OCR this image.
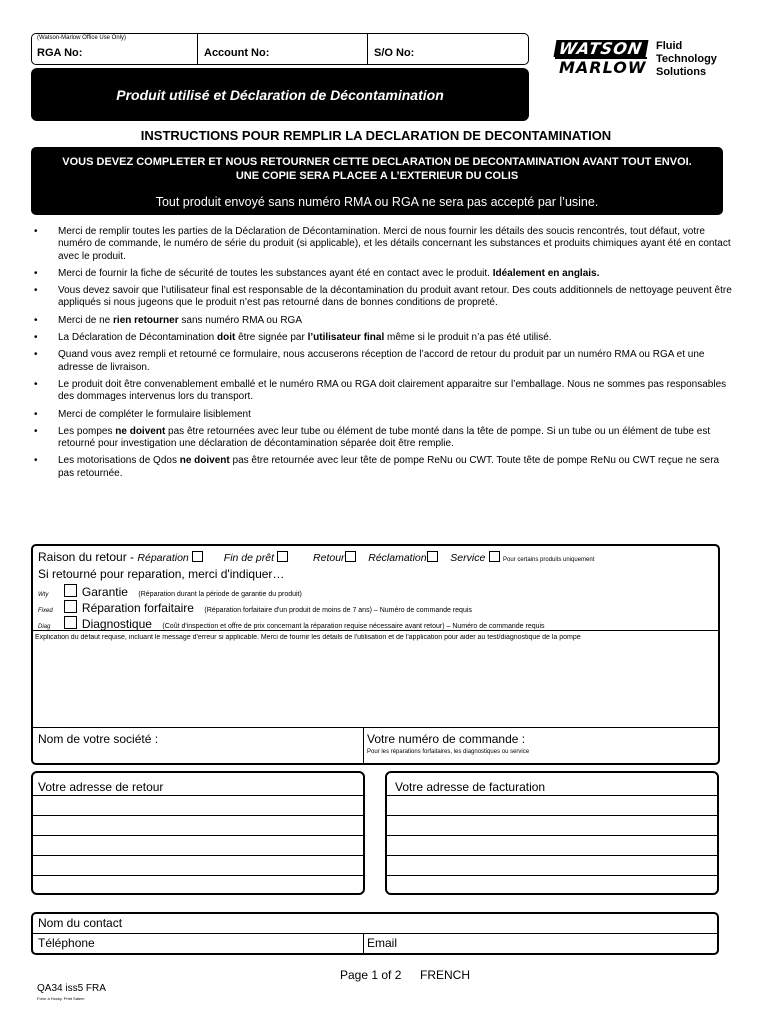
(Watson-Marlow Office Use Only)
RGA No:	Account No:	S/O No:
Produit utilisé et Déclaration de Décontamination
WATSON
MARLOW
Fluid
Technology
Solutions
INSTRUCTIONS POUR REMPLIR LA DECLARATION DE DECONTAMINATION
VOUS DEVEZ COMPLETER ET NOUS RETOURNER CETTE DECLARATION DE DECONTAMINATION AVANT TOUT ENVOI. UNE COPIE SERA PLACEE A L’EXTERIEUR DU COLIS
Tout produit envoyé sans numéro RMA ou RGA ne sera pas accepté par l’usine.
• Merci de remplir toutes les parties de la Déclaration de Décontamination. Merci de nous fournir les détails des soucis rencontrés, tout défaut, votre numéro de commande, le numéro de série du produit (si applicable), et les détails concernant les substances et produits chimiques ayant été en contact avec le produit.
• Merci de fournir la fiche de sécurité de toutes les substances ayant été en contact avec le produit. Idéalement en anglais.
• Vous devez savoir que l’utilisateur final est responsable de la décontamination du produit avant retour. Des couts additionnels de nettoyage peuvent être appliqués si nous jugeons que le produit n’est pas retourné dans de bonnes conditions de propreté.
• Merci de ne rien retourner sans numéro RMA ou RGA
• La Déclaration de Décontamination doit être signée par l’utilisateur final même si le produit n’a pas été utilisé.
• Quand vous avez rempli et retourné ce formulaire, nous accuserons réception de l’accord de retour du produit par un numéro RMA ou RGA et une adresse de livraison.
• Le produit doit être convenablement emballé et le numéro RMA ou RGA doit clairement apparaitre sur l’emballage. Nous ne sommes pas responsables des dommages intervenus lors du transport.
• Merci de compléter le formulaire lisiblement
• Les pompes ne doivent pas être retournées avec leur tube ou élément de tube monté dans la tête de pompe. Si un tube ou un élément de tube est retourné pour investigation une déclaration de décontamination séparée doit être remplie.
• Les motorisations de Qdos ne doivent pas être retournée avec leur tête de pompe ReNu ou CWT. Toute tête de pompe ReNu ou CWT reçue ne sera pas retournée.
Raison du retour - Réparation	Fin de prêt	Retour Réclamation Service	Pour certains produits uniquement
Si retourné pour reparation, merci d'indiquer…
Wty	Garantie (Réparation durant la période de garantie du produit)
Fixed Réparation forfaitaire (Réparation forfaitaire d'un produit de moins de 7 ans) – Numéro de commande requis
Diag	Diagnostique (Coût d'inspection et offre de prix concernant la réparation requise nécessaire avant retour) – Numéro de commande requis
Explication du défaut requise, incluant le message d'erreur si applicable. Merci de fournir les détails de l'utilisation et de l'application pour aider au test/diagnostique de la pompe
Nom de votre société :	Votre numéro de commande :
Pour les réparations forfaitaires, les diagnostiques ou service
Votre adresse de retour	Votre adresse de facturation
Nom du contact
Téléphone	Email
Page 1 of 2 FRENCH
QA34 iss5 FRA
Form à Hocky. Print Salem
